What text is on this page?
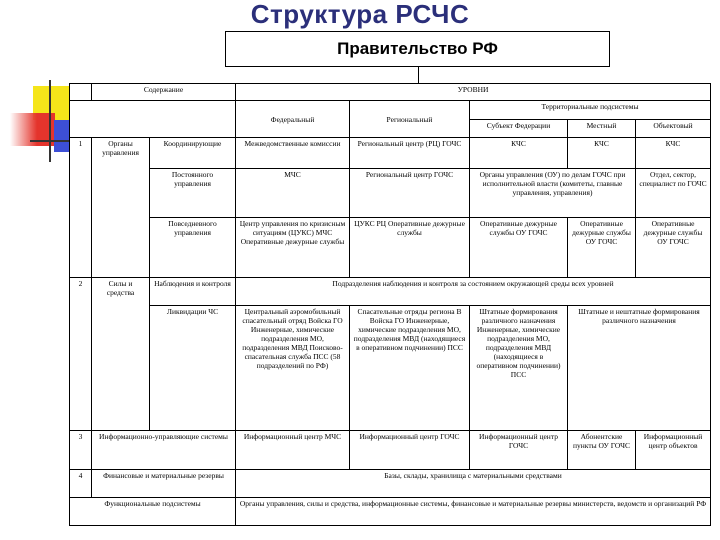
Структура РСЧС
Правительство РФ
	Содержание		УРОВНИ				
			Федеральный	Региональный	Территориальные подсистемы		
					Субъект Федерации	Местный	Объектовый
1	Органы управления	Координирующие	Межведомственные комиссии	Региональный центр (РЦ) ГОЧС	КЧС	КЧС	КЧС
		Постоянного управления	МЧС	Региональный центр ГОЧС	Органы управления (ОУ) по делам ГОЧС при исполнительной власти (комитеты, главные управления, управления)		Отдел, сектор, специалист по ГОЧС
		Повседневного управления	Центр управления по кризисным ситуациям (ЦУКС) МЧС Оперативные дежурные службы	ЦУКС РЦ Оперативные дежурные службы	Оперативные дежурные службы ОУ ГОЧС	Оперативные дежурные службы ОУ ГОЧС	Оперативные дежурные службы ОУ ГОЧС
2	Силы и средства	Наблюдения и контроля	Подразделения наблюдения и контроля за состоянием окружающей среды всех уровней				
		Ликвидации ЧС	Центральный аэромобильный спасательный отряд Войска ГО Инженерные, химические подразделения МО, подразделения МВД Поисково-спасательная служба ПСС (58 подразделений по РФ)	Спасательные отряды региона В Войска ГО Инженерные, химические подразделения МО, подразделения МВД (находящиеся в оперативном подчинении) ПСС	Штатные формирования различного назначения Инженерные, химические подразделения МО, подразделения МВД (находящиеся в оперативном подчинении) ПСС	Штатные и нештатные формирования различного назначения	
3	Информационно-управляющие системы		Информационный центр МЧС	Информационный центр ГОЧС	Информационный центр ГОЧС	Абонентские пункты ОУ ГОЧС	Информационный центр объектов
4	Финансовые и материальные резервы		Базы, склады, хранилища с материальными средствами				
Функциональные подсистемы			Органы управления, силы и средства, информационные системы, финансовые и материальные резервы министерств, ведомств и организаций РФ				
